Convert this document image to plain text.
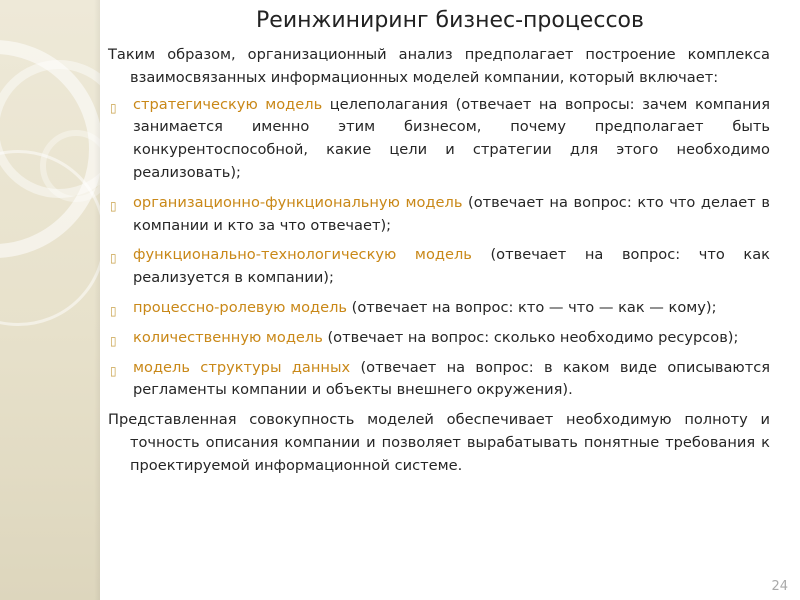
Реинжиниринг бизнес-процессов

Таким образом, организационный анализ предполагает построение комплекса взаимосвязанных информационных моделей компании, который включает:

▯ стратегическую модель целеполагания (отвечает на вопросы: зачем компания занимается именно этим бизнесом, почему предполагает быть конкурентоспособной, какие цели и стратегии для этого необходимо реализовать);
▯ организационно-функциональную модель (отвечает на вопрос: кто что делает в компании и кто за что отвечает);
▯ функционально-технологическую модель (отвечает на вопрос: что как реализуется в компании);
▯ процессно-ролевую модель (отвечает на вопрос: кто — что — как — кому);
▯ количественную модель (отвечает на вопрос: сколько необходимо ресурсов);
▯ модель структуры данных (отвечает на вопрос: в каком виде описываются регламенты компании и объекты внешнего окружения).

Представленная совокупность моделей обеспечивает необходимую полноту и точность описания компании и позволяет вырабатывать понятные требования к проектируемой информационной системе.

24
